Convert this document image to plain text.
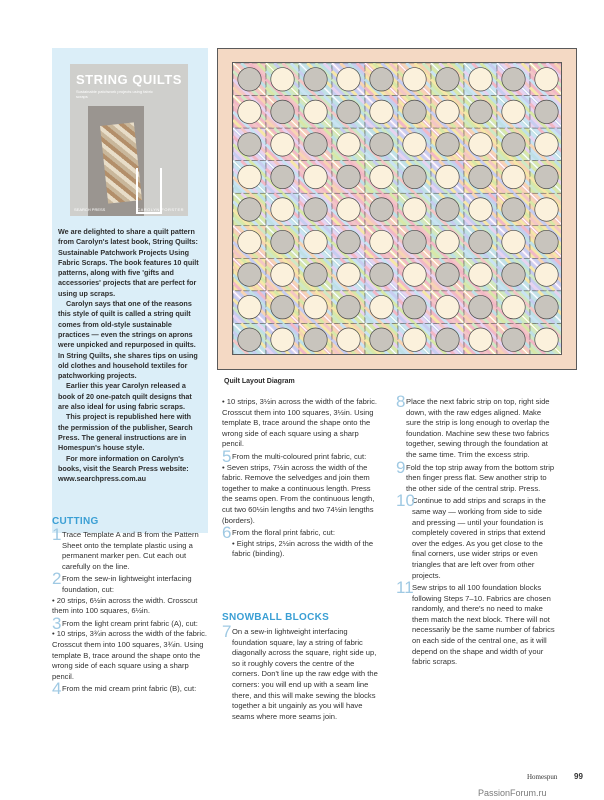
STRING QUILTS
Sustainable patchwork projects using fabric scraps
SEARCH PRESS	CAROLYN FORSTER

We are delighted to share a quilt pattern from Carolyn's latest book, String Quilts: Sustainable Patchwork Projects Using Fabric Scraps. The book features 10 quilt patterns, along with five 'gifts and accessories' projects that are perfect for using up scraps.

Carolyn says that one of the reasons this style of quilt is called a string quilt comes from old-style sustainable practices — even the strings on aprons were unpicked and repurposed in quilts. In String Quilts, she shares tips on using old clothes and household textiles for patchworking projects.

Earlier this year Carolyn released a book of 20 one-patch quilt designs that are also ideal for using fabric scraps.

This project is republished here with the permission of the publisher, Search Press. The general instructions are in Homespun's house style.

For more information on Carolyn's books, visit the Search Press website:

www.searchpress.com.au

Quilt Layout Diagram
CUTTING

1 Trace Template A and B from the Pattern Sheet onto the template plastic using a permanent marker pen. Cut each out carefully on the line.

2 From the sew-in lightweight interfacing foundation, cut:

• 20 strips, 6½in across the width. Crosscut them into 100 squares, 6½in.

3 From the light cream print fabric (A), cut:

• 10 strips, 3¾in across the width of the fabric. Crosscut them into 100 squares, 3¾in. Using template B, trace around the shape onto the wrong side of each square using a sharp pencil.

4 From the mid cream print fabric (B), cut:

• 10 strips, 3½in across the width of the fabric. Crosscut them into 100 squares, 3½in. Using template B, trace around the shape onto the wrong side of each square using a sharp pencil.

5 From the multi-coloured print fabric, cut:

• Seven strips, 7½in across the width of the fabric. Remove the selvedges and join them together to make a continuous length. Press the seams open. From the continuous length, cut two 60½in lengths and two 74½in lengths (borders).

6 From the floral print fabric, cut:

• Eight strips, 2½in across the width of the fabric (binding).

SNOWBALL BLOCKS

7 On a sew-in lightweight interfacing foundation square, lay a string of fabric diagonally across the square, right side up, so it roughly covers the centre of the corners. Don't line up the raw edge with the corners: you will end up with a seam line there, and this will make sewing the blocks together a bit ungainly as you will have seams where more seams join.

8 Place the next fabric strip on top, right side down, with the raw edges aligned. Make sure the strip is long enough to overlap the foundation. Machine sew these two fabrics together, sewing through the foundation at the same time. Trim the excess strip.

9 Fold the top strip away from the bottom strip then finger press flat. Sew another strip to the other side of the central strip. Press.

10
Continue to add strips and scraps in the same way — working from side to side and pressing — until your foundation is completely covered in strips that extend over the edges. As you get close to the final corners, use wider strips or even triangles that are left over from other projects.

11
Sew strips to all 100 foundation blocks following Steps 7–10. Fabrics are chosen randomly, and there's no need to make them match the next block. There will not necessarily be the same number of fabrics on each side of the central one, as it will depend on the shape and width of your fabric scraps.

Homespun 99
PassionForum.ru
